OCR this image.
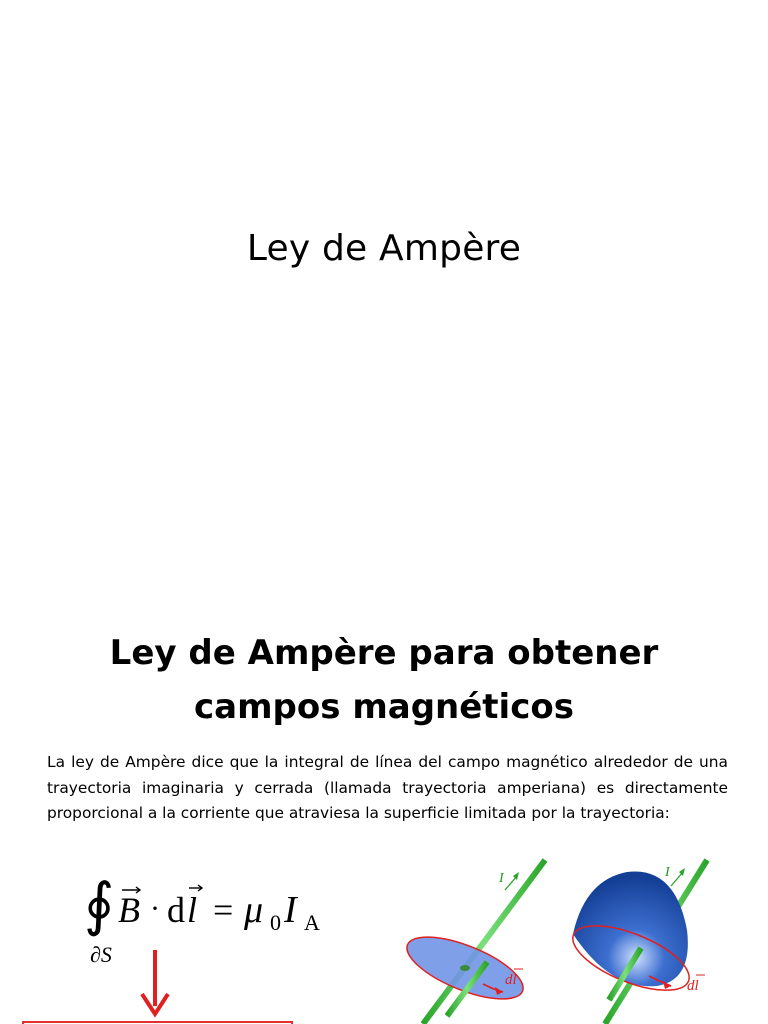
Ley de Ampère
Ley de Ampère para obtener
campos magnéticos
La ley de Ampère dice que la integral de línea del campo magnético alrededor de una trayectoria imaginaria y cerrada (llamada trayectoria amperiana) es directamente proporcional a la corriente que atraviesa la superficie limitada por la trayectoria:
∮ B · d l = μ 0 I A
∂S
I
dl
I
dl
